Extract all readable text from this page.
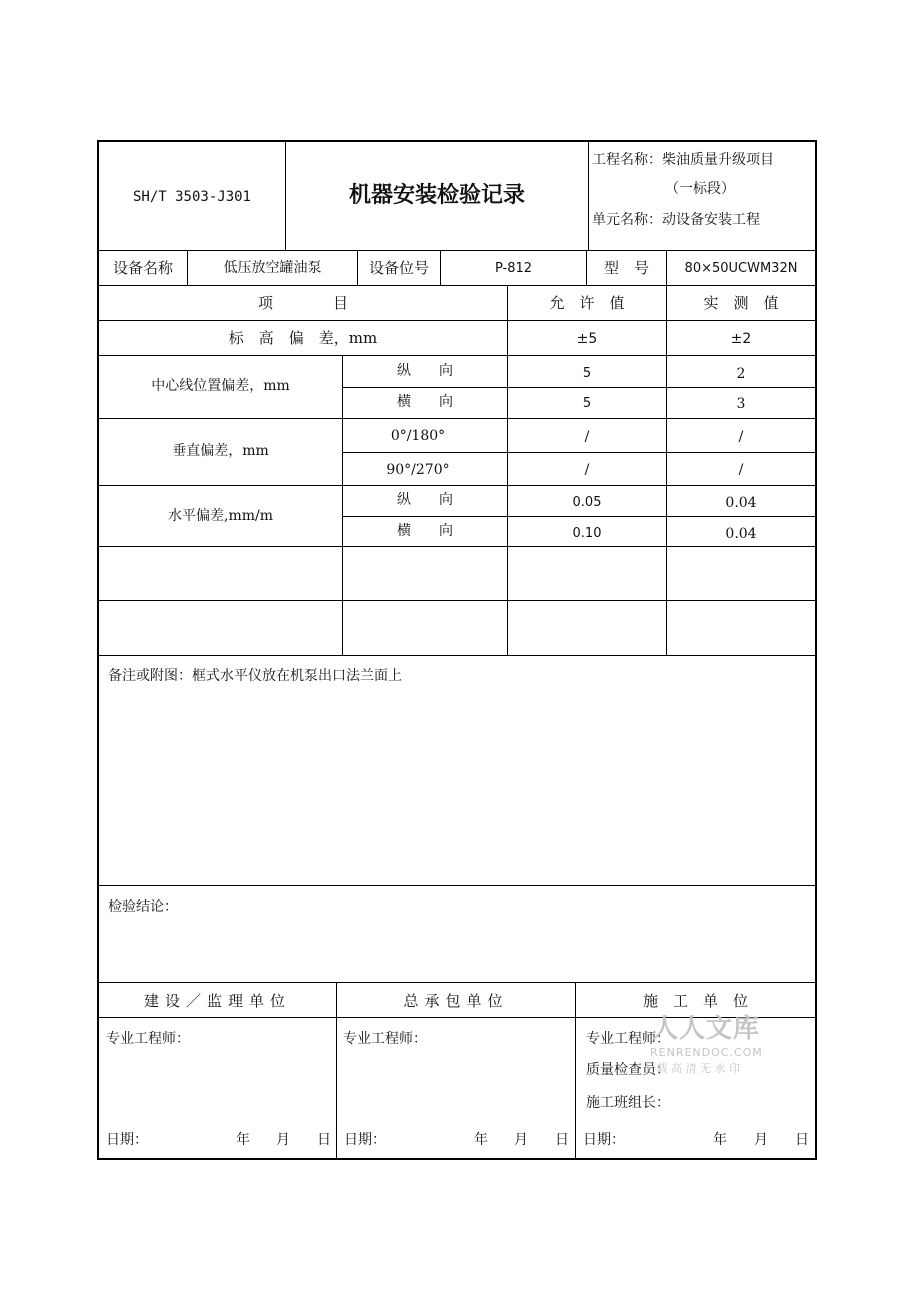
SH/T 3503-J301	机器安装检验记录
工程名称：柴油质量升级项目
（一标段）
单元名称：动设备安装工程
设备名称	低压放空罐油泵	设备位号	P-812	型　号	80×50UCWM32N
项　　　　目	允　许　值	实　测　值
标　高　偏　差，mm	±5	±2
中心线位置偏差，mm
纵　　向	5	2
横　　向	5	3
垂直偏差，mm
0°/180°	/	/
90°/270°	/	/
水平偏差,mm/m
纵　　向	0.05	0.04
横　　向	0.10	0.04
备注或附图：框式水平仪放在机泵出口法兰面上
检验结论：
建设／监理单位	总承包单位	施　工　单　位
专业工程师：
日期：	年 月 日
专业工程师：
日期：	年 月 日
专业工程师：
质量检查员：
施工班组长：
日期：	年 月 日
人人文库
RENRENDOC.COM
下 载 高 清 无 水 印
